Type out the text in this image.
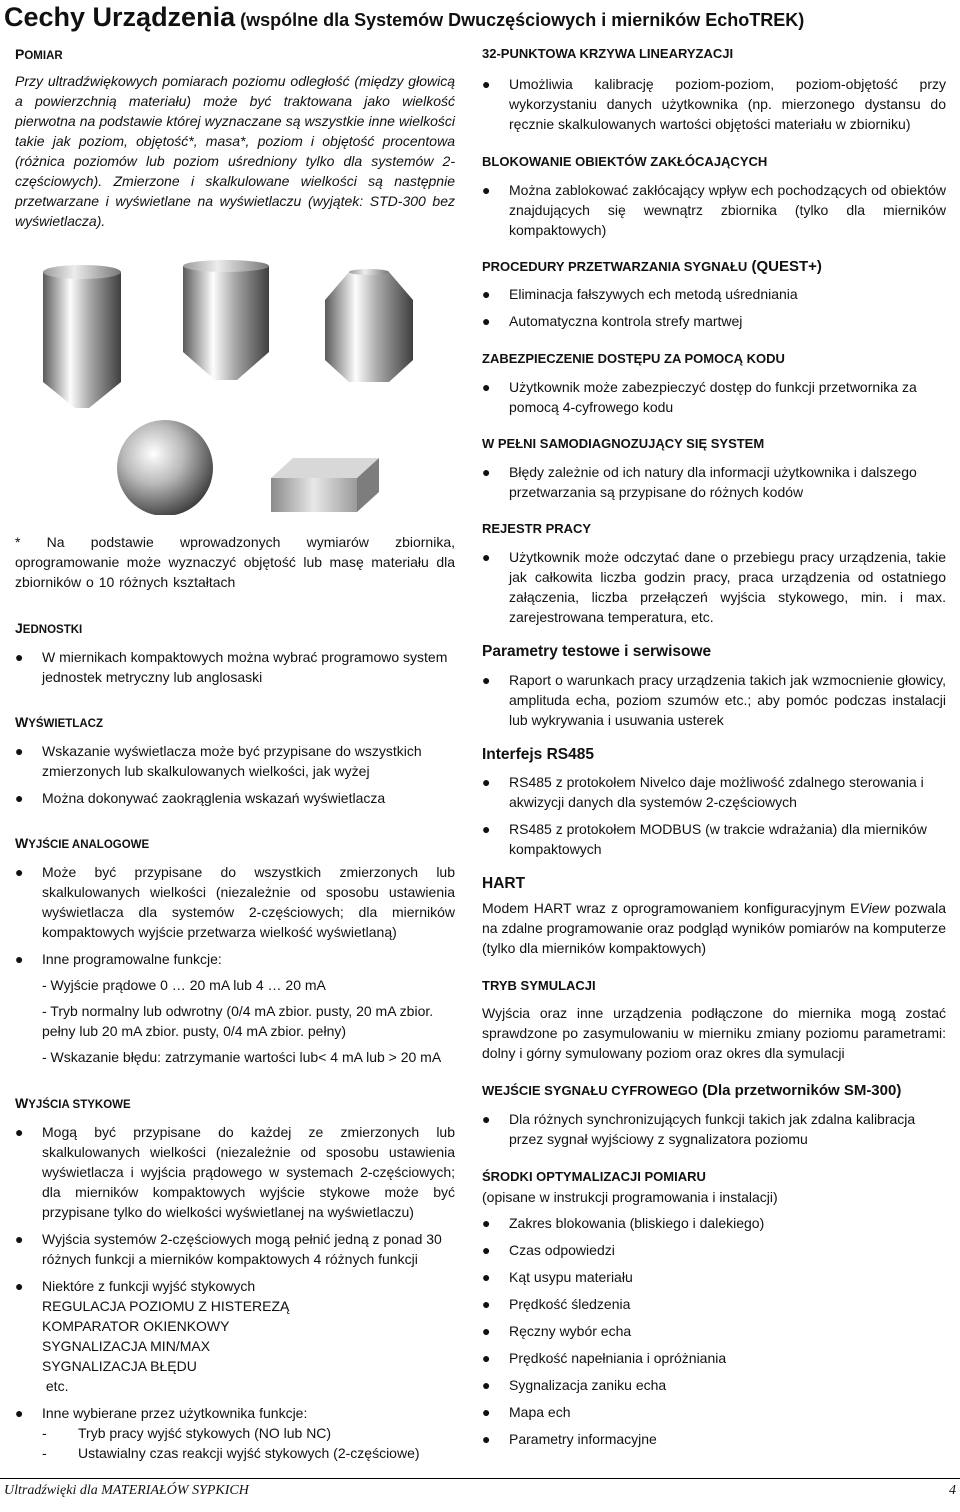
Cechy Urządzenia (wspólne dla Systemów Dwuczęściowych i mierników EchoTREK)
POMIAR

Przy ultradźwiękowych pomiarach poziomu odległość (między głowicą a powierzchnią materiału) może być traktowana jako wielkość pierwotna na podstawie której wyznaczane są wszystkie inne wielkości takie jak poziom, objętość*, masa*, poziom i objętość procentowa (różnica poziomów lub poziom uśredniony tylko dla systemów 2-częściowych). Zmierzone i skalkulowane wielkości są następnie przetwarzane i wyświetlane na wyświetlaczu (wyjątek: STD-300 bez wyświetlacza).

* Na podstawie wprowadzonych wymiarów zbiornika, oprogramowanie może wyznaczyć objętość lub masę materiału dla zbiorników o 10 różnych kształtach

JEDNOSTKI
● W miernikach kompaktowych można wybrać programowo system jednostek metryczny lub anglosaski
WYŚWIETLACZ
● Wskazanie wyświetlacza może być przypisane do wszystkich zmierzonych lub skalkulowanych wielkości, jak wyżej
● Można dokonywać zaokrąglenia wskazań wyświetlacza
WYJŚCIE ANALOGOWE
● Może być przypisane do wszystkich zmierzonych lub skalkulowanych wielkości (niezależnie od sposobu ustawienia wyświetlacza dla systemów 2-częściowych; dla mierników kompaktowych wyjście przetwarza wielkość wyświetlaną)
● Inne programowalne funkcje:
- Wyjście prądowe 0 … 20 mA lub 4 … 20 mA
- Tryb normalny lub odwrotny (0/4 mA zbior. pusty, 20 mA zbior. pełny lub 20 mA zbior. pusty, 0/4 mA zbior. pełny)
- Wskazanie błędu: zatrzymanie wartości lub< 4 mA lub > 20 mA
WYJŚCIA STYKOWE
● Mogą być przypisane do każdej ze zmierzonych lub skalkulowanych wielkości (niezależnie od sposobu ustawienia wyświetlacza i wyjścia prądowego w systemach 2-częściowych; dla mierników kompaktowych wyjście stykowe może być przypisane tylko do wielkości wyświetlanej na wyświetlaczu)
● Wyjścia systemów 2-częściowych mogą pełnić jedną z ponad 30 różnych funkcji a mierników kompaktowych 4 różnych funkcji
● Niektóre z funkcji wyjść stykowych
REGULACJA POZIOMU Z HISTEREZĄ
KOMPARATOR OKIENKOWY
SYGNALIZACJA MIN/MAX
SYGNALIZACJA BŁĘDU
etc.
● Inne wybierane przez użytkownika funkcje:
- Tryb pracy wyjść stykowych (NO lub NC)
- Ustawialny czas reakcji wyjść stykowych (2-częściowe)
32-PUNKTOWA KRZYWA LINEARYZACJI
● Umożliwia kalibrację poziom-poziom, poziom-objętość przy wykorzystaniu danych użytkownika (np. mierzonego dystansu do ręcznie skalkulowanych wartości objętości materiału w zbiorniku)
BLOKOWANIE OBIEKTÓW ZAKŁÓCAJĄCYCH
● Można zablokować zakłócający wpływ ech pochodzących od obiektów znajdujących się wewnątrz zbiornika (tylko dla mierników kompaktowych)
PROCEDURY PRZETWARZANIA SYGNAŁU (QUEST+)
● Eliminacja fałszywych ech metodą uśredniania
● Automatyczna kontrola strefy martwej
ZABEZPIECZENIE DOSTĘPU ZA POMOCĄ KODU
● Użytkownik może zabezpieczyć dostęp do funkcji przetwornika za pomocą 4-cyfrowego kodu
W PEŁNI SAMODIAGNOZUJĄCY SIĘ SYSTEM
● Błędy zależnie od ich natury dla informacji użytkownika i dalszego przetwarzania są przypisane do różnych kodów
REJESTR PRACY
● Użytkownik może odczytać dane o przebiegu pracy urządzenia, takie jak całkowita liczba godzin pracy, praca urządzenia od ostatniego załączenia, liczba przełączeń wyjścia stykowego, min. i max. zarejestrowana temperatura, etc.
Parametry testowe i serwisowe
● Raport o warunkach pracy urządzenia takich jak wzmocnienie głowicy, amplituda echa, poziom szumów etc.; aby pomóc podczas instalacji lub wykrywania i usuwania usterek
Interfejs RS485
● RS485 z protokołem Nivelco daje możliwość zdalnego sterowania i akwizycji danych dla systemów 2-częściowych
● RS485 z protokołem MODBUS (w trakcie wdrażania) dla mierników kompaktowych
HART

Modem HART wraz z oprogramowaniem konfiguracyjnym EView pozwala na zdalne programowanie oraz podgląd wyników pomiarów na komputerze (tylko dla mierników kompaktowych)

TRYB SYMULACJI

Wyjścia oraz inne urządzenia podłączone do miernika mogą zostać sprawdzone po zasymulowaniu w mierniku zmiany poziomu parametrami: dolny i górny symulowany poziom oraz okres dla symulacji

WEJŚCIE SYGNAŁU CYFROWEGO (Dla przetworników SM-300)
● Dla różnych synchronizujących funkcji takich jak zdalna kalibracja przez sygnał wyjściowy z sygnalizatora poziomu
ŚRODKI OPTYMALIZACJI POMIARU
(opisane w instrukcji programowania i instalacji)
● Zakres blokowania (bliskiego i dalekiego)
● Czas odpowiedzi
● Kąt usypu materiału
● Prędkość śledzenia
● Ręczny wybór echa
● Prędkość napełniania i opróżniania
● Sygnalizacja zaniku echa
● Mapa ech
● Parametry informacyjne
Ultradźwięki dla MATERIAŁÓW SYPKICH	4
